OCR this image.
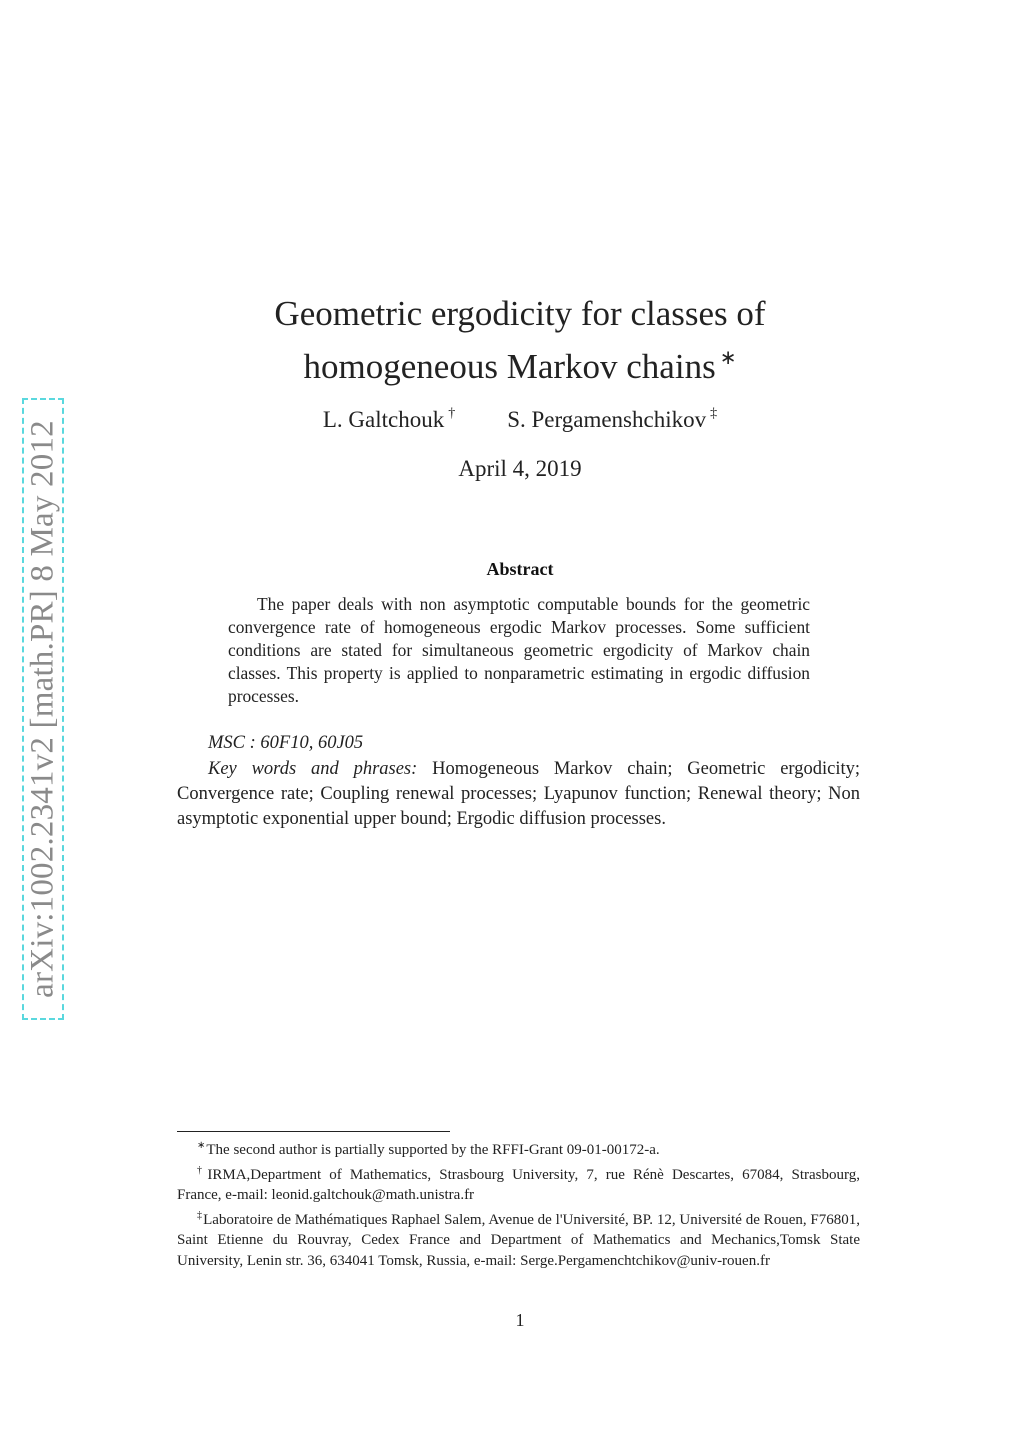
arXiv:1002.2341v2 [math.PR] 8 May 2012
Geometric ergodicity for classes of
homogeneous Markov chains ∗
L. Galtchouk † S. Pergamenshchikov ‡
April 4, 2019
Abstract

The paper deals with non asymptotic computable bounds for the geometric convergence rate of homogeneous ergodic Markov processes. Some sufficient conditions are stated for simultaneous geometric ergodicity of Markov chain classes. This property is applied to nonparametric estimating in ergodic diffusion processes.

MSC : 60F10, 60J05

Key words and phrases: Homogeneous Markov chain; Geometric ergodicity; Convergence rate; Coupling renewal processes; Lyapunov function; Renewal theory; Non asymptotic exponential upper bound; Ergodic diffusion processes.

∗The second author is partially supported by the RFFI-Grant 09-01-00172-a.

†IRMA,Department of Mathematics, Strasbourg University, 7, rue Rénè Descartes, 67084, Strasbourg, France, e-mail: leonid.galtchouk@math.unistra.fr

‡Laboratoire de Mathématiques Raphael Salem, Avenue de l'Université, BP. 12, Université de Rouen, F76801, Saint Etienne du Rouvray, Cedex France and Department of Mathematics and Mechanics,Tomsk State University, Lenin str. 36, 634041 Tomsk, Russia, e-mail: Serge.Pergamenchtchikov@univ-rouen.fr

1
